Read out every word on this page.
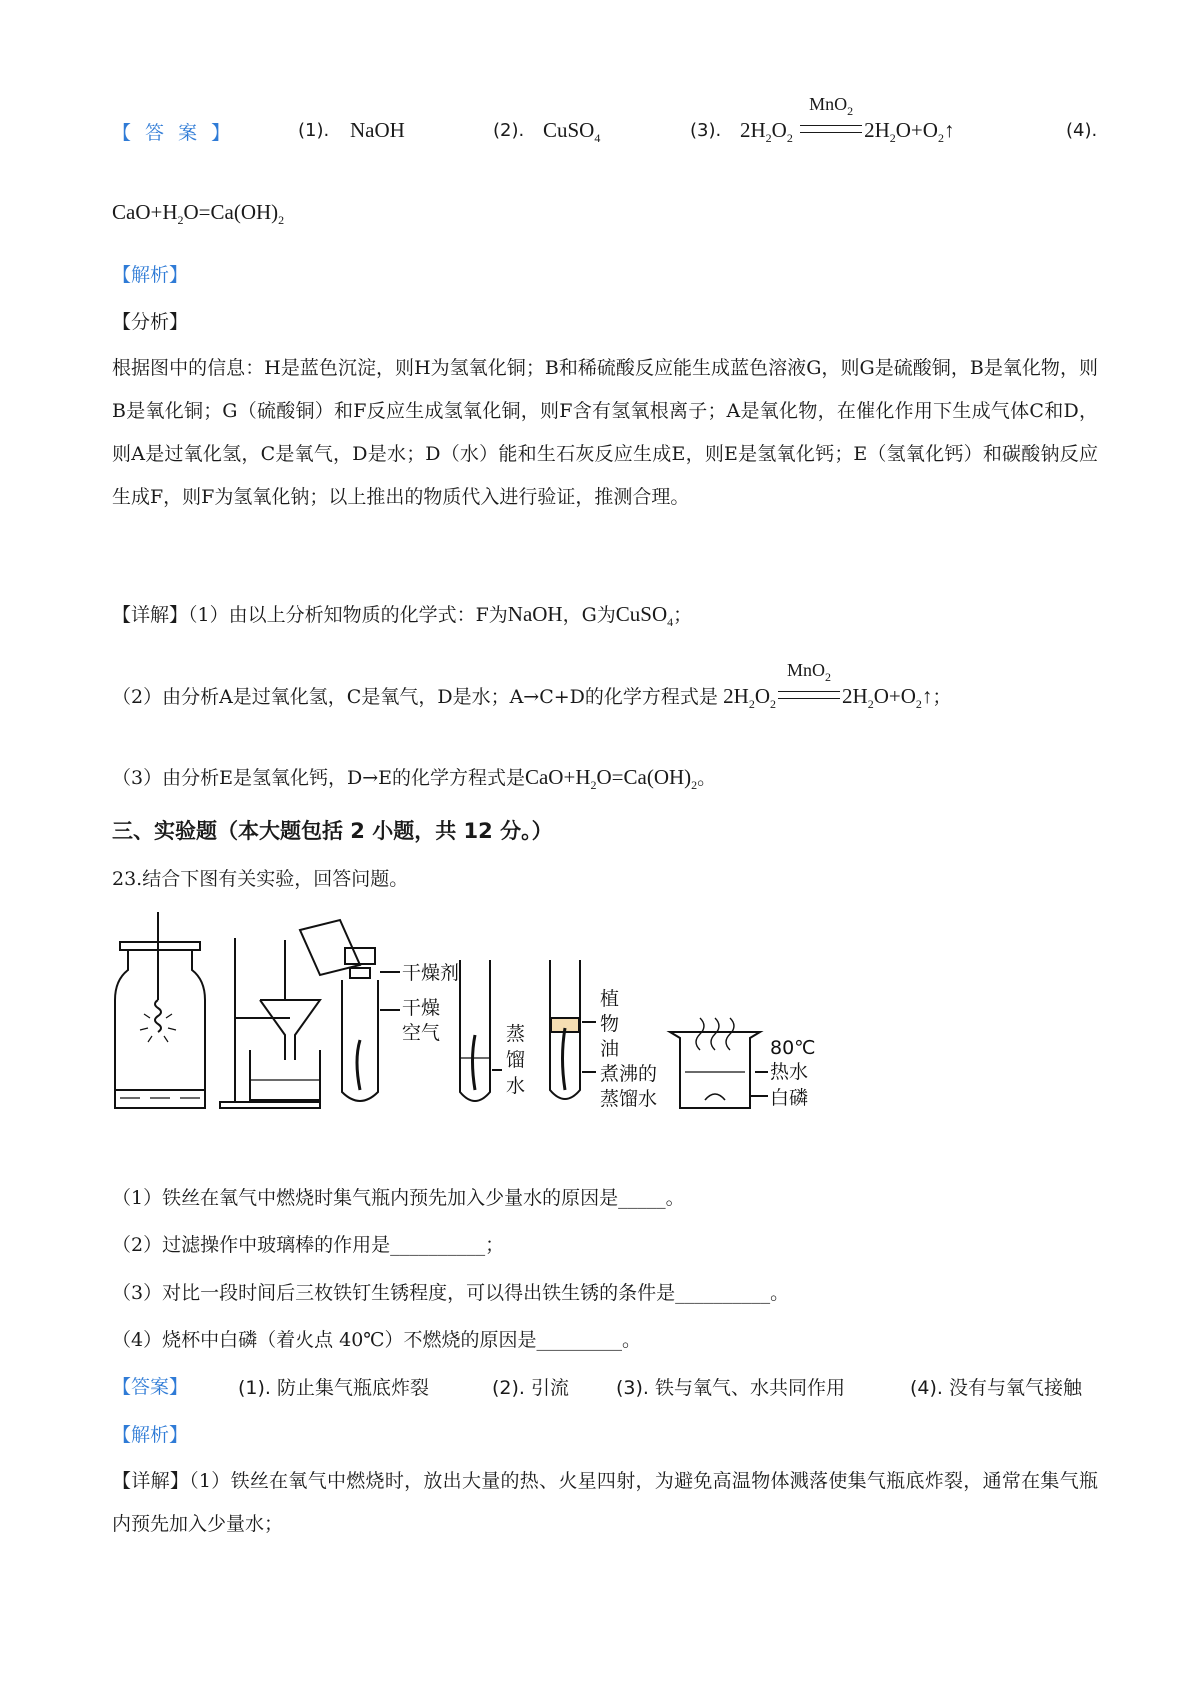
【 答 案 】	(1). NaOH	(2). CuSO$_4$	(3). $2H_2O_2$
MnO$_2$
$2H_2O+O_2↑$	(4).
$CaO+H_2O=Ca(OH)_2$
【解析】
【分析】
根据图中的信息：H是蓝色沉淀，则H为氢氧化铜；B和稀硫酸反应能生成蓝色溶液G，则G是硫酸铜，B是氧化物，则B是氧化铜；G（硫酸铜）和F反应生成氢氧化铜，则F含有氢氧根离子；A是氧化物，在催化作用下生成气体C和D，则A是过氧化氢，C是氧气，D是水；D（水）能和生石灰反应生成E，则E是氢氧化钙；E（氢氧化钙）和碳酸钠反应生成F，则F为氢氧化钠；以上推出的物质代入进行验证，推测合理。
【详解】（1）由以上分析知物质的化学式：F为NaOH，G为CuSO$_4$；
（2）由分析A是过氧化氢，C是氧气，D是水；A→C+D的化学方程式是 $2H_2O_2$
MnO$_2$
$2H_2O+O_2↑$；
（3）由分析E是氢氧化钙，D→E的化学方程式是$CaO+H_2O=Ca(OH)_2$。
三、实验题（本大题包括 2 小题，共 12 分。）
23.结合下图有关实验，回答问题。
干燥剂
干燥
空气	蒸
馏
水
植
物
油
煮沸的
蒸馏水
80℃
热水
白磷
（1）铁丝在氧气中燃烧时集气瓶内预先加入少量水的原因是_____。
（2）过滤操作中玻璃棒的作用是__________；
（3）对比一段时间后三枚铁钉生锈程度，可以得出铁生锈的条件是__________。
（4）烧杯中白磷（着火点 40℃）不燃烧的原因是_________。
【答案】	(1). 防止集气瓶底炸裂	(2). 引流 (3). 铁与氧气、水共同作用	(4). 没有与氧气接触
【解析】
【详解】（1）铁丝在氧气中燃烧时，放出大量的热、火星四射，为避免高温物体溅落使集气瓶底炸裂，通常在集气瓶内预先加入少量水；
